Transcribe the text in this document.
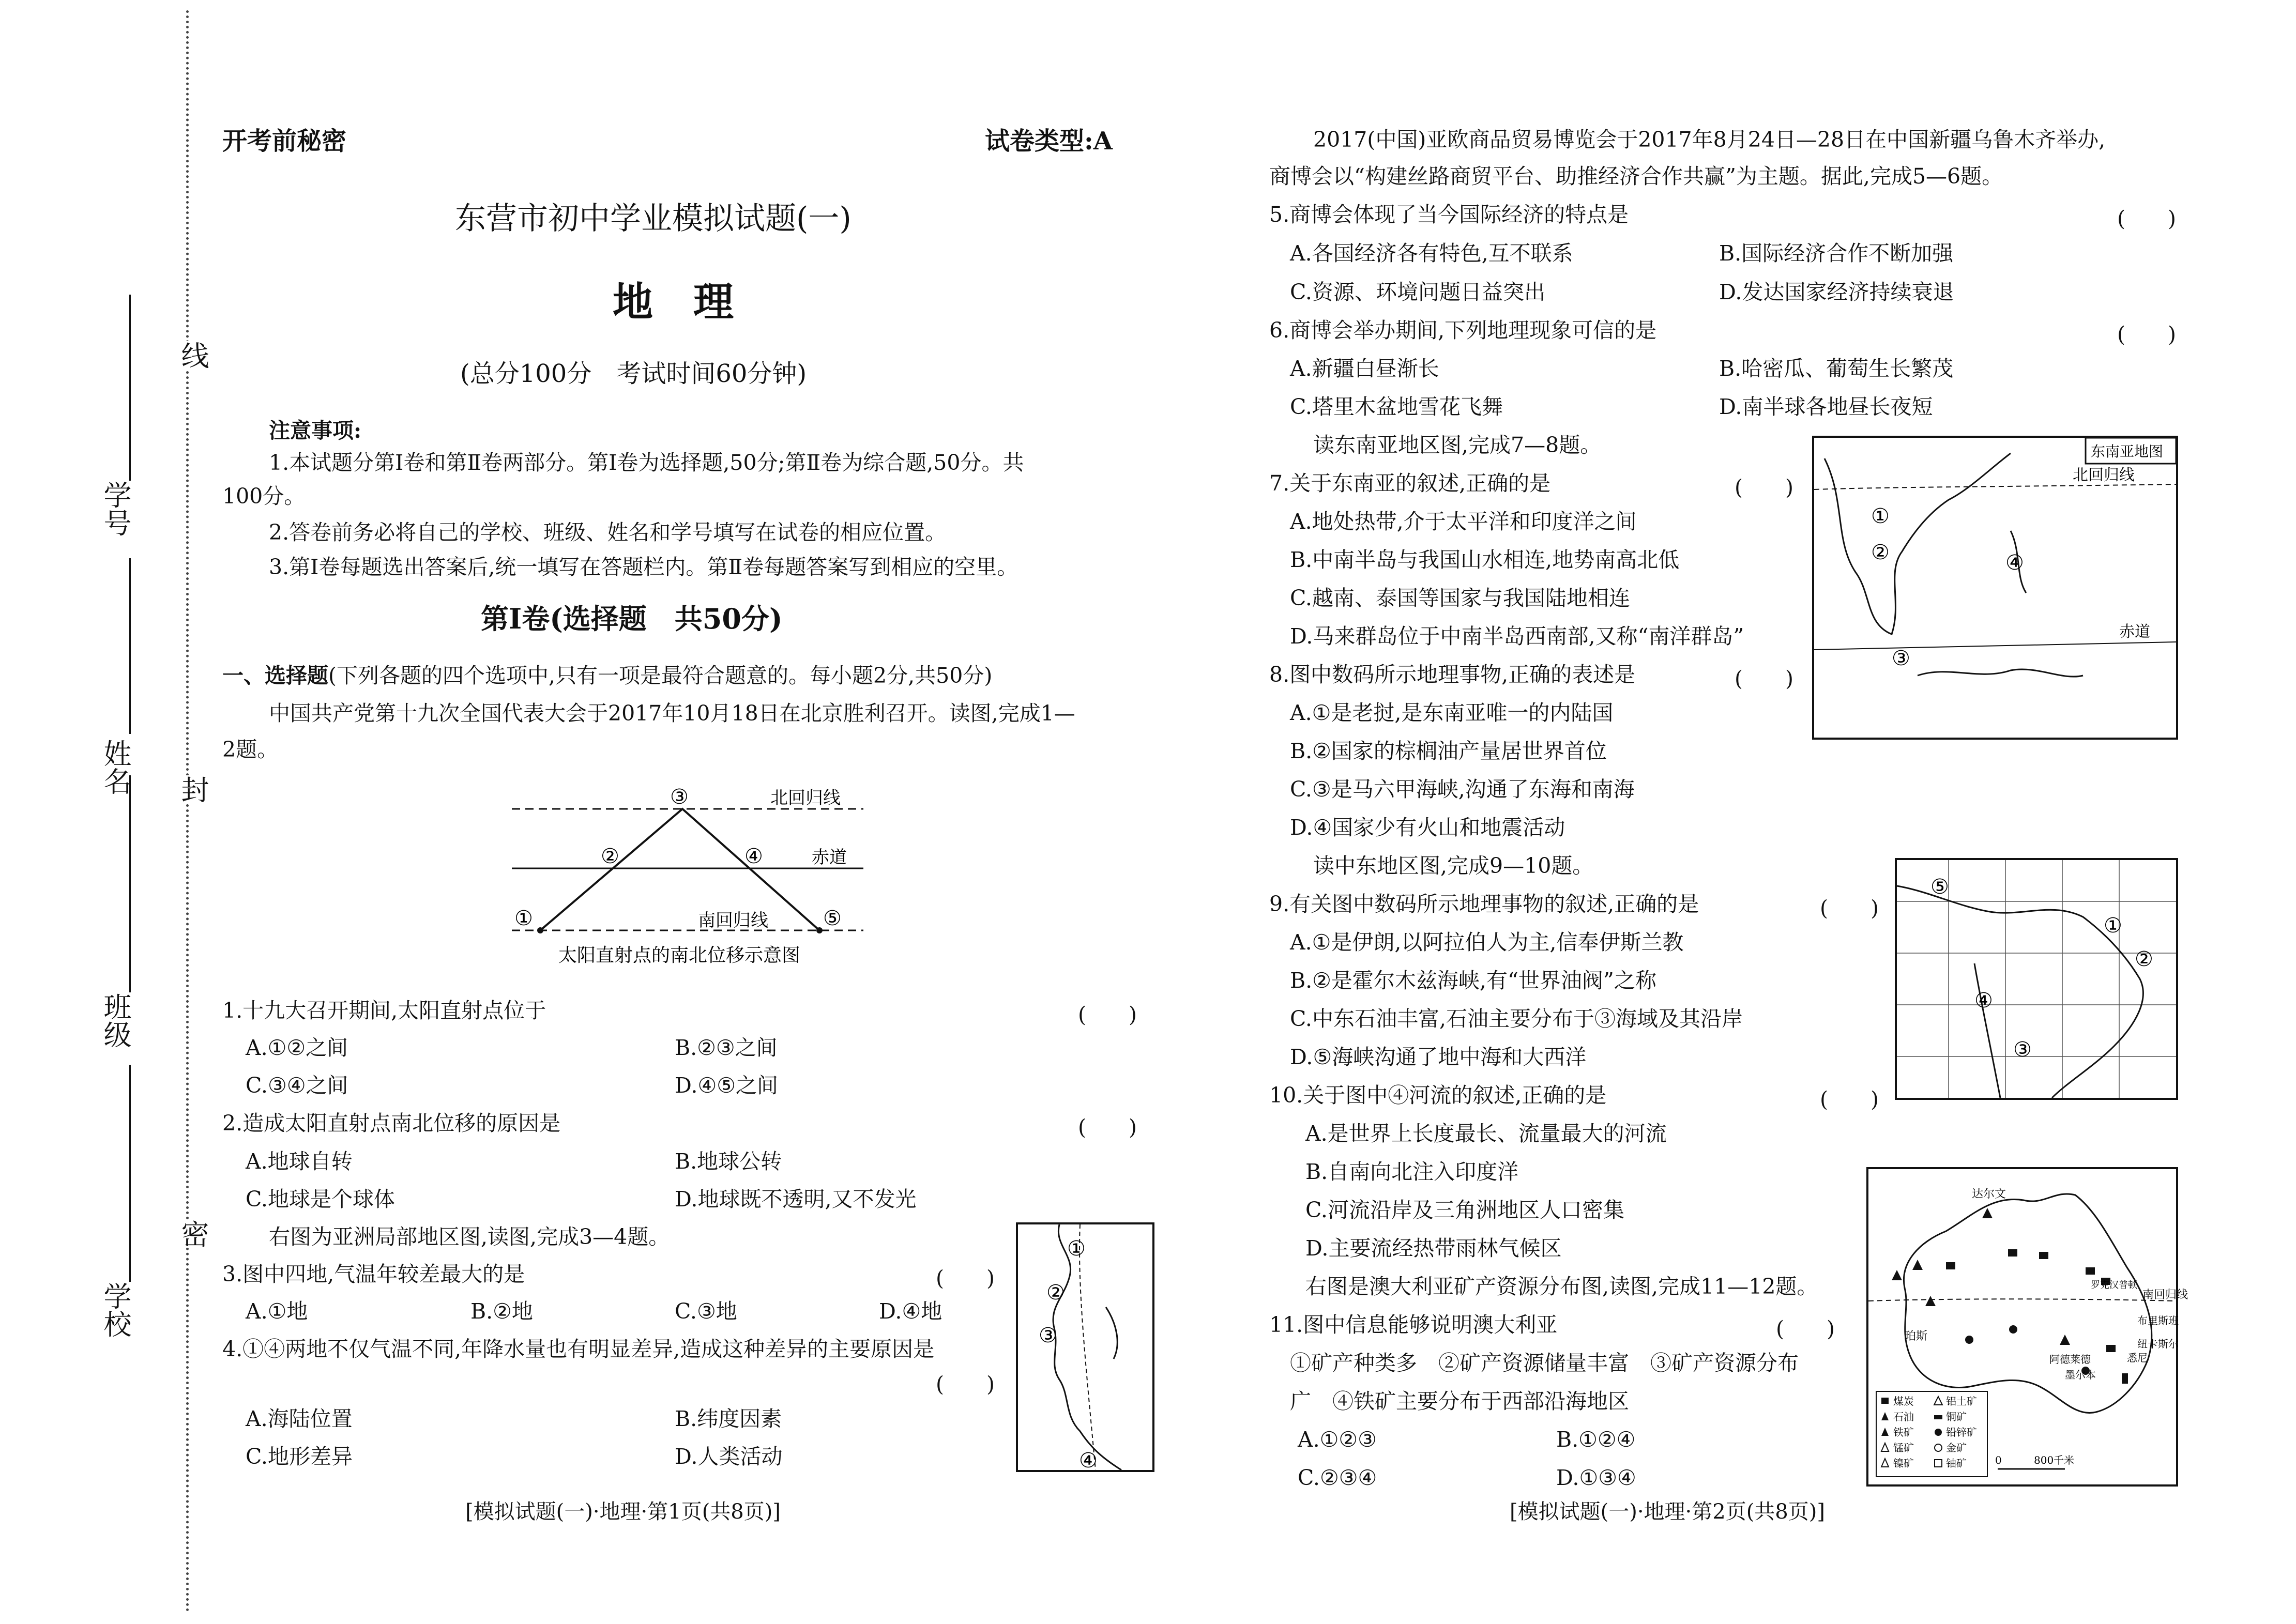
学校
班级
姓名
学号
密
封
线
开考前秘密	试卷类型:A
东营市初中学业模拟试题(一)
地　理
(总分100分　考试时间60分钟)
注意事项:
1.本试题分第Ⅰ卷和第Ⅱ卷两部分。第Ⅰ卷为选择题,50分;第Ⅱ卷为综合题,50分。共
100分。
2.答卷前务必将自己的学校、班级、姓名和学号填写在试卷的相应位置。
3.第Ⅰ卷每题选出答案后,统一填写在答题栏内。第Ⅱ卷每题答案写到相应的空里。
第Ⅰ卷(选择题　共50分)
一、选择题(下列各题的四个选项中,只有一项是最符合题意的。每小题2分,共50分)
中国共产党第十九次全国代表大会于2017年10月18日在北京胜利召开。读图,完成1—
2题。
北回归线
赤道
南回归线
①
②
③
④
⑤
太阳直射点的南北位移示意图
1.十九大召开期间,太阳直射点位于	(　　)
A.①②之间	B.②③之间
C.③④之间	D.④⑤之间
2.造成太阳直射点南北位移的原因是	(　　)
A.地球自转	B.地球公转
C.地球是个球体	D.地球既不透明,又不发光
右图为亚洲局部地区图,读图,完成3—4题。
3.图中四地,气温年较差最大的是	(　　)
A.①地	B.②地	C.③地	D.④地
4.①④两地不仅气温不同,年降水量也有明显差异,造成这种差异的主要原因是
(　　)
A.海陆位置	B.纬度因素
C.地形差异	D.人类活动
①
②
③
④
[模拟试题(一)·地理·第1页(共8页)]
2017(中国)亚欧商品贸易博览会于2017年8月24日—28日在中国新疆乌鲁木齐举办,
商博会以“构建丝路商贸平台、助推经济合作共赢”为主题。据此,完成5—6题。
5.商博会体现了当今国际经济的特点是	(　　)
A.各国经济各有特色,互不联系	B.国际经济合作不断加强
C.资源、环境问题日益突出	D.发达国家经济持续衰退
6.商博会举办期间,下列地理现象可信的是	(　　)
A.新疆白昼渐长	B.哈密瓜、葡萄生长繁茂
C.塔里木盆地雪花飞舞	D.南半球各地昼长夜短
读东南亚地区图,完成7—8题。
7.关于东南亚的叙述,正确的是	(　　)
A.地处热带,介于太平洋和印度洋之间
B.中南半岛与我国山水相连,地势南高北低
C.越南、泰国等国家与我国陆地相连
D.马来群岛位于中南半岛西南部,又称“南洋群岛”
8.图中数码所示地理事物,正确的表述是	(　　)
A.①是老挝,是东南亚唯一的内陆国
B.②国家的棕榈油产量居世界首位
C.③是马六甲海峡,沟通了东海和南海
D.④国家少有火山和地震活动
东南亚地图
北回归线
赤道
①
②
③
④
读中东地区图,完成9—10题。
9.有关图中数码所示地理事物的叙述,正确的是	(　　)
A.①是伊朗,以阿拉伯人为主,信奉伊斯兰教
B.②是霍尔木兹海峡,有“世界油阀”之称
C.中东石油丰富,石油主要分布于③海域及其沿岸
D.⑤海峡沟通了地中海和大西洋
⑤
①
②
④
③
10.关于图中④河流的叙述,正确的是	(　　)
A.是世界上长度最长、流量最大的河流
B.自南向北注入印度洋
C.河流沿岸及三角洲地区人口密集
D.主要流经热带雨林气候区
右图是澳大利亚矿产资源分布图,读图,完成11—12题。
11.图中信息能够说明澳大利亚	(　　)
①矿产种类多　②矿产资源储量丰富　③矿产资源分布
广　④铁矿主要分布于西部沿海地区
A.①②③	B.①②④
C.②③④	D.①③④
达尔文
南回归线
罗克汉普顿
珀斯
布里斯班
纽卡斯尔
阿德莱德
墨尔本
悉尼
煤炭	铝土矿
石油	铜矿
铁矿	铅锌矿
锰矿	金矿
镍矿	铀矿	0	800千米
[模拟试题(一)·地理·第2页(共8页)]
